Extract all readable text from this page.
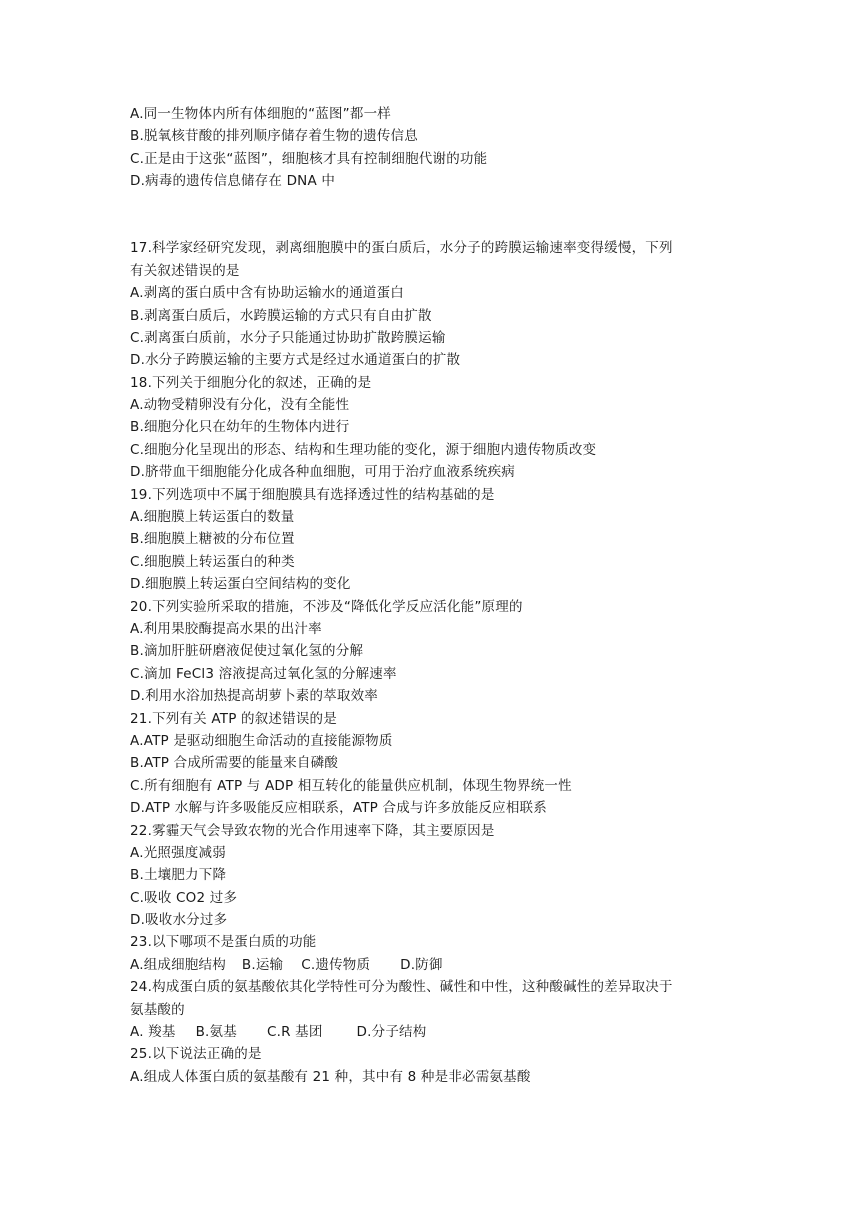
A.同一生物体内所有体细胞的“蓝图”都一样
B.脱氧核苷酸的排列顺序储存着生物的遗传信息
C.正是由于这张“蓝图”，细胞核才具有控制细胞代谢的功能
D.病毒的遗传信息储存在 DNA 中
17.科学家经研究发现，剥离细胞膜中的蛋白质后，水分子的跨膜运输速率变得缓慢，下列
有关叙述错误的是
A.剥离的蛋白质中含有协助运输水的通道蛋白
B.剥离蛋白质后，水跨膜运输的方式只有自由扩散
C.剥离蛋白质前，水分子只能通过协助扩散跨膜运输
D.水分子跨膜运输的主要方式是经过水通道蛋白的扩散
18.下列关于细胞分化的叙述，正确的是
A.动物受精卵没有分化，没有全能性
B.细胞分化只在幼年的生物体内进行
C.细胞分化呈现出的形态、结构和生理功能的变化，源于细胞内遗传物质改变
D.脐带血干细胞能分化成各种血细胞，可用于治疗血液系统疾病
19.下列选项中不属于细胞膜具有选择透过性的结构基础的是
A.细胞膜上转运蛋白的数量
B.细胞膜上糖被的分布位置
C.细胞膜上转运蛋白的种类
D.细胞膜上转运蛋白空间结构的变化
20.下列实验所采取的措施，不涉及“降低化学反应活化能”原理的
A.利用果胶酶提高水果的出汁率
B.滴加肝脏研磨液促使过氧化氢的分解
C.滴加 FeCl3 溶液提高过氧化氢的分解速率
D.利用水浴加热提高胡萝卜素的萃取效率
21.下列有关 ATP 的叙述错误的是
A.ATP 是驱动细胞生命活动的直接能源物质
B.ATP 合成所需要的能量来自磷酸
C.所有细胞有 ATP 与 ADP 相互转化的能量供应机制，体现生物界统一性
D.ATP 水解与许多吸能反应相联系，ATP 合成与许多放能反应相联系
22.雾霾天气会导致农物的光合作用速率下降，其主要原因是
A.光照强度减弱
B.土壤肥力下降
C.吸收 CO2 过多
D.吸收水分过多
23.以下哪项不是蛋白质的功能
A.组成细胞结构 B.运输 C.遗传物质 D.防御
24.构成蛋白质的氨基酸依其化学特性可分为酸性、碱性和中性，这种酸碱性的差异取决于
氨基酸的
A. 羧基 B.氨基 C.R 基团	D.分子结构
25.以下说法正确的是
A.组成人体蛋白质的氨基酸有 21 种，其中有 8 种是非必需氨基酸
